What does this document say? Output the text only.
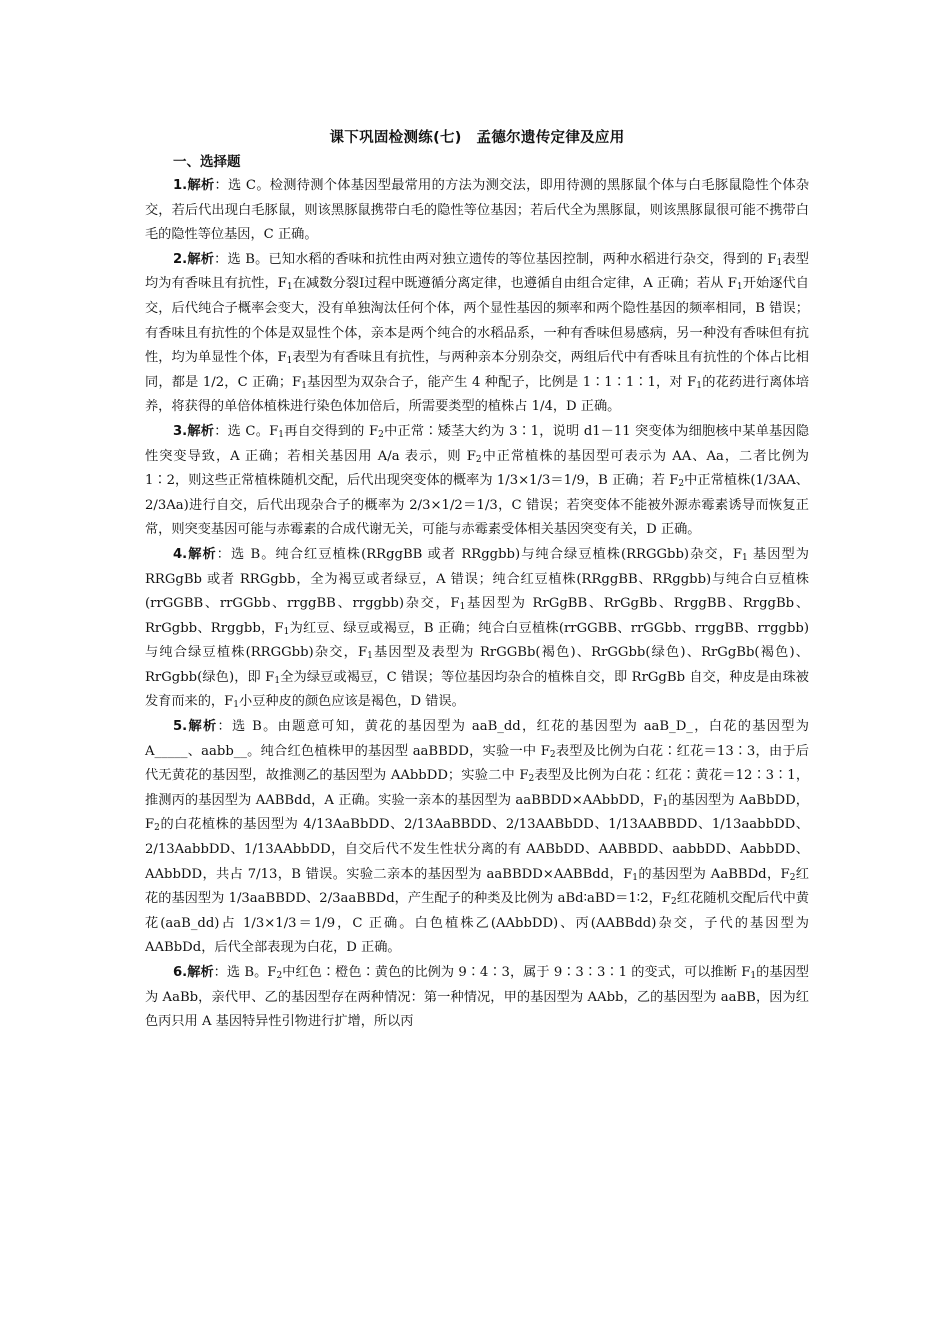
课下巩固检测练(七)　孟德尔遗传定律及应用
一、选择题

1.解析：选 C。检测待测个体基因型最常用的方法为测交法，即用待测的黑豚鼠个体与白毛豚鼠隐性个体杂交，若后代出现白毛豚鼠，则该黑豚鼠携带白毛的隐性等位基因；若后代全为黑豚鼠，则该黑豚鼠很可能不携带白毛的隐性等位基因，C 正确。

2.解析：选 B。已知水稻的香味和抗性由两对独立遗传的等位基因控制，两种水稻进行杂交，得到的 $F_1$表型均为有香味且有抗性，$F_1$在减数分裂Ⅰ过程中既遵循分离定律，也遵循自由组合定律，A 正确；若从 $F_1$开始逐代自交，后代纯合子概率会变大，没有单独淘汰任何个体，两个显性基因的频率和两个隐性基因的频率相同，B 错误；有香味且有抗性的个体是双显性个体，亲本是两个纯合的水稻品系，一种有香味但易感病，另一种没有香味但有抗性，均为单显性个体，$F_1$表型为有香味且有抗性，与两种亲本分别杂交，两组后代中有香味且有抗性的个体占比相同，都是 1/2，C 正确；$F_1$基因型为双杂合子，能产生 4 种配子，比例是 1∶1∶1∶1，对 $F_1$的花药进行离体培养，将获得的单倍体植株进行染色体加倍后，所需要类型的植株占 1/4，D 正确。

3.解析：选 C。$F_1$再自交得到的 $F_2$中正常∶矮茎大约为 3∶1，说明 d1－11 突变体为细胞核中某单基因隐性突变导致，A 正确；若相关基因用 A/a 表示，则 $F_2$中正常植株的基因型可表示为 AA、Aa，二者比例为 1∶2，则这些正常植株随机交配，后代出现突变体的概率为 1/3×1/3＝1/9，B 正确；若 $F_2$中正常植株(1/3AA、2/3Aa)进行自交，后代出现杂合子的概率为 2/3×1/2＝1/3，C 错误；若突变体不能被外源赤霉素诱导而恢复正常，则突变基因可能与赤霉素的合成代谢无关，可能与赤霉素受体相关基因突变有关，D 正确。

4.解析：选 B。纯合红豆植株(RRggBB 或者 RRggbb)与纯合绿豆植株(RRGGbb)杂交，$F_1$ 基因型为 RRGgBb 或者 RRGgbb，全为褐豆或者绿豆，A 错误；纯合红豆植株(RRggBB、RRggbb)与纯合白豆植株(rrGGBB、rrGGbb、rrggBB、rrggbb)杂交，$F_1$基因型为 RrGgBB、RrGgBb、RrggBB、RrggBb、RrGgbb、Rrggbb，$F_1$为红豆、绿豆或褐豆，B 正确；纯合白豆植株(rrGGBB、rrGGbb、rrggBB、rrggbb)与纯合绿豆植株(RRGGbb)杂交，$F_1$基因型及表型为 RrGGBb(褐色)、RrGGbb(绿色)、RrGgBb(褐色)、RrGgbb(绿色)，即 $F_1$全为绿豆或褐豆，C 错误；等位基因均杂合的植株自交，即 RrGgBb 自交，种皮是由珠被发育而来的，$F_1$小豆种皮的颜色应该是褐色，D 错误。

5.解析：选 B。由题意可知，黄花的基因型为 aaB_dd，红花的基因型为 aaB_D_，白花的基因型为 A_____、aabb__。纯合红色植株甲的基因型 aaBBDD，实验一中 $F_2$表型及比例为白花∶红花＝13∶3，由于后代无黄花的基因型，故推测乙的基因型为 AAbbDD；实验二中 $F_2$表型及比例为白花∶红花∶黄花＝12∶3∶1，推测丙的基因型为 AABBdd，A 正确。实验一亲本的基因型为 aaBBDD×AAbbDD，$F_1$的基因型为 AaBbDD，$F_2$的白花植株的基因型为 4/13AaBbDD、2/13AaBBDD、2/13AABbDD、1/13AABBDD、1/13aabbDD、2/13AabbDD、1/13AAbbDD，自交后代不发生性状分离的有 AABbDD、AABBDD、aabbDD、AabbDD、AAbbDD，共占 7/13，B 错误。实验二亲本的基因型为 aaBBDD×AABBdd，$F_1$的基因型为 AaBBDd，$F_2$红花的基因型为 1/3aaBBDD、2/3aaBBDd，产生配子的种类及比例为 aBd∶aBD＝1∶2，$F_2$红花随机交配后代中黄花(aaB_dd)占 1/3×1/3＝1/9，C 正确。白色植株乙(AAbbDD)、丙(AABBdd)杂交，子代的基因型为 AABbDd，后代全部表现为白花，D 正确。

6.解析：选 B。$F_2$中红色∶橙色∶黄色的比例为 9∶4∶3，属于 9∶3∶3∶1 的变式，可以推断 $F_1$的基因型为 AaBb，亲代甲、乙的基因型存在两种情况：第一种情况，甲的基因型为 AAbb，乙的基因型为 aaBB，因为红色丙只用 A 基因特异性引物进行扩增，所以丙
